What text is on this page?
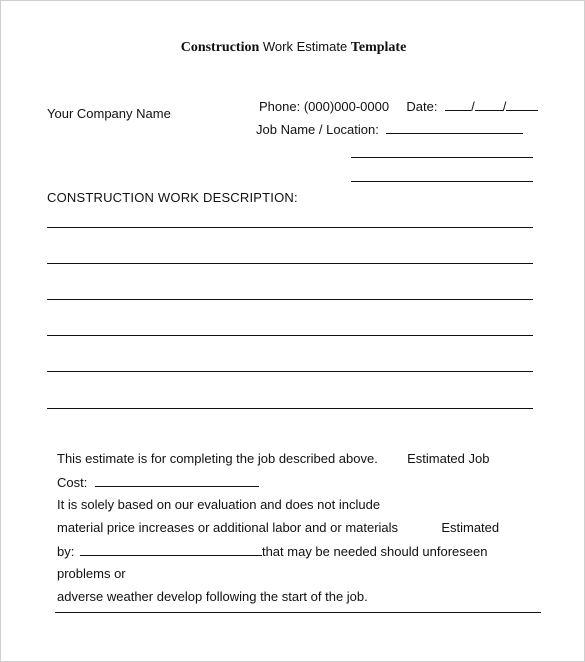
Construction Work Estimate Template
Your Company Name	Phone: (000)000-0000 Date:	/ /
Job Name / Location:
CONSTRUCTION WORK DESCRIPTION:
This estimate is for completing the job described above. Estimated Job
Cost:
It is solely based on our evaluation and does not include
material price increases or additional labor and or materials	Estimated
by:	that may be needed should unforeseen
problems or
adverse weather develop following the start of the job.
